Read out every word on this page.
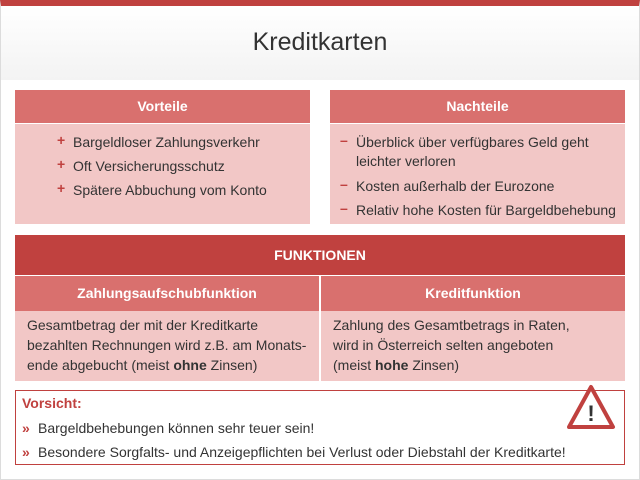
Kreditkarten
Vorteile
+ Bargeldloser Zahlungsverkehr
+ Oft Versicherungsschutz
+ Spätere Abbuchung vom Konto
Nachteile
– Überblick über verfügbares Geld geht
leichter verloren
– Kosten außerhalb der Eurozone
– Relativ hohe Kosten für Bargeldbehebung
FUNKTIONEN
Zahlungsaufschubfunktion	Kreditfunktion
Gesamtbetrag der mit der Kreditkarte
bezahlten Rechnungen wird z.B. am Monats-
ende abgebucht (meist ohne Zinsen)
Zahlung des Gesamtbetrags in Raten,
wird in Österreich selten angeboten
(meist hohe Zinsen)
Vorsicht:
» Bargeldbehebungen können sehr teuer sein!
» Besondere Sorgfalts- und Anzeigepflichten bei Verlust oder Diebstahl der Kreditkarte!
!
